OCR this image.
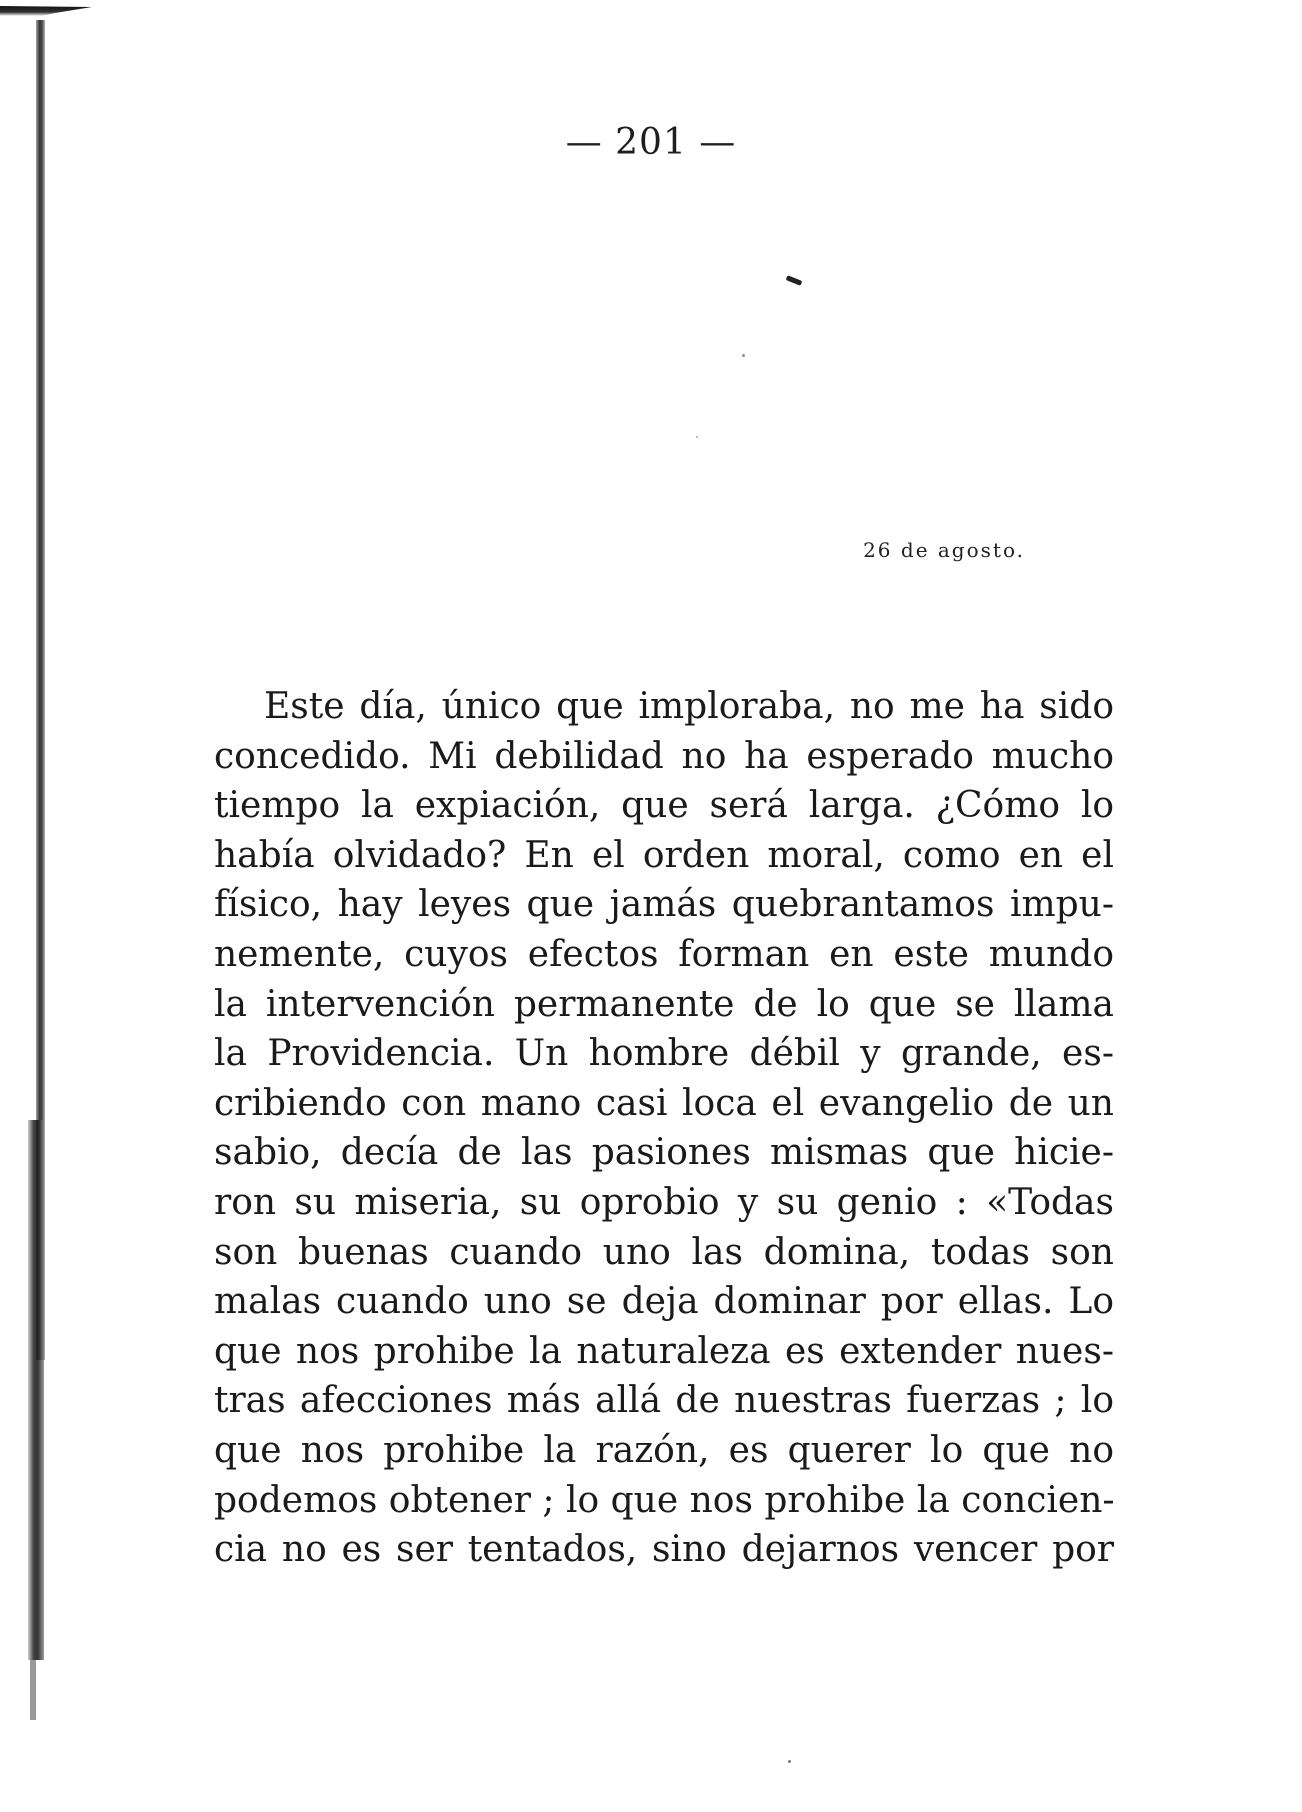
— 201 —
26 de agosto.
Este día, único que imploraba, no me ha sido
concedido. Mi debilidad no ha esperado mucho
tiempo la expiación, que será larga. ¿Cómo lo
había olvidado? En el orden moral, como en el
físico, hay leyes que jamás quebrantamos impu-
nemente, cuyos efectos forman en este mundo
la intervención permanente de lo que se llama
la Providencia. Un hombre débil y grande, es-
cribiendo con mano casi loca el evangelio de un
sabio, decía de las pasiones mismas que hicie-
ron su miseria, su oprobio y su genio : «Todas
son buenas cuando uno las domina, todas son
malas cuando uno se deja dominar por ellas. Lo
que nos prohibe la naturaleza es extender nues-
tras afecciones más allá de nuestras fuerzas ; lo
que nos prohibe la razón, es querer lo que no
podemos obtener ; lo que nos prohibe la concien-
cia no es ser tentados, sino dejarnos vencer por
